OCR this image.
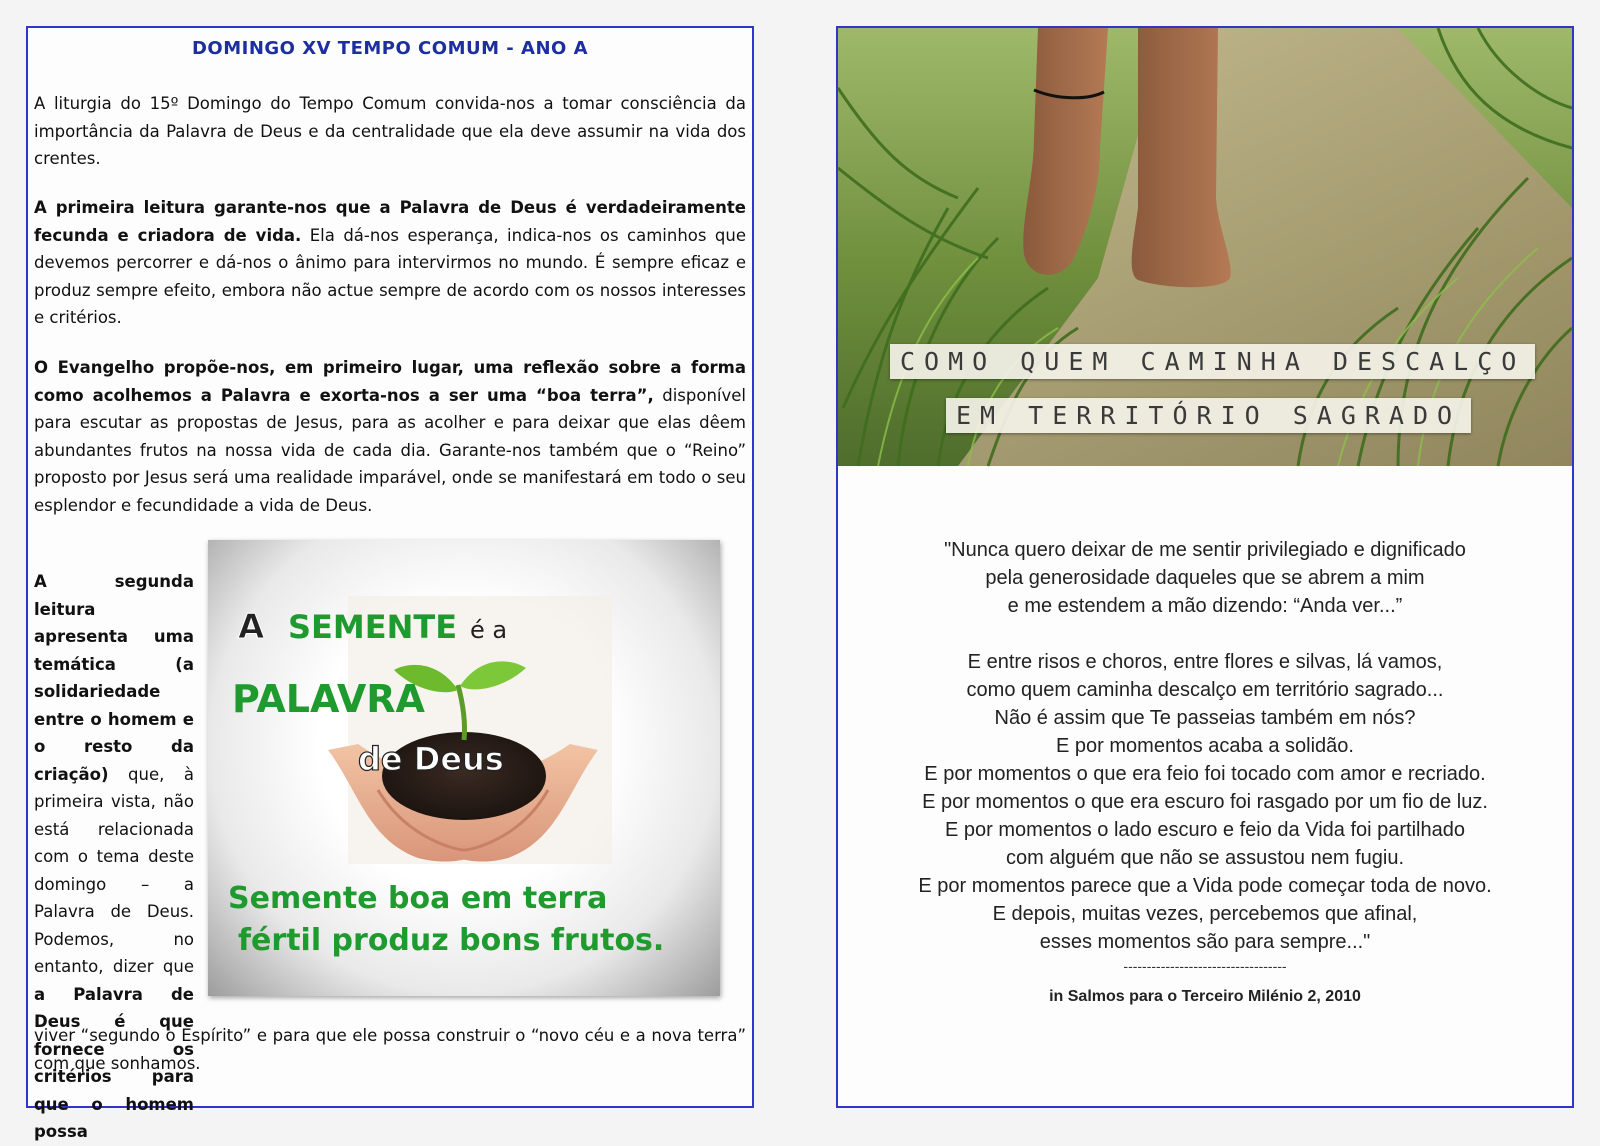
DOMINGO XV TEMPO COMUM - ANO A

A liturgia do 15º Domingo do Tempo Comum convida-nos a tomar consciência da importância da Palavra de Deus e da centralidade que ela deve assumir na vida dos crentes.

A primeira leitura garante-nos que a Palavra de Deus é verdadeiramente fecunda e criadora de vida. Ela dá-nos esperança, indica-nos os caminhos que devemos percorrer e dá-nos o ânimo para intervirmos no mundo. É sempre eficaz e produz sempre efeito, embora não actue sempre de acordo com os nossos interesses e critérios.

O Evangelho propõe-nos, em primeiro lugar, uma reflexão sobre a forma como acolhemos a Palavra e exorta-nos a ser uma “boa terra”, disponível para escutar as propostas de Jesus, para as acolher e para deixar que elas dêem abundantes frutos na nossa vida de cada dia. Garante-nos também que o “Reino” proposto por Jesus será uma realidade imparável, onde se manifestará em todo o seu esplendor e fecundidade a vida de Deus.

A segunda leitura apresenta uma temática (a solidariedade entre o homem e o resto da criação) que, à primeira vista, não está relacionada com o tema deste domingo – a Palavra de Deus. Podemos, no entanto, dizer que a Palavra de Deus é que fornece os critérios para que o homem possa

A SEMENTE é a
PALAVRA
de Deus
Semente boa em terra
fértil produz bons frutos.

viver “segundo o Espírito” e para que ele possa construir o “novo céu e a nova terra” com que sonhamos.

COMO QUEM CAMINHA DESCALÇO
EM TERRITÓRIO SAGRADO
"Nunca quero deixar de me sentir privilegiado e dignificado
pela generosidade daqueles que se abrem a mim
e me estendem a mão dizendo: “Anda ver...”
E entre risos e choros, entre flores e silvas, lá vamos,
como quem caminha descalço em território sagrado...
Não é assim que Te passeias também em nós?
E por momentos acaba a solidão.
E por momentos o que era feio foi tocado com amor e recriado.
E por momentos o que era escuro foi rasgado por um fio de luz.
E por momentos o lado escuro e feio da Vida foi partilhado
com alguém que não se assustou nem fugiu.
E por momentos parece que a Vida pode começar toda de novo.
E depois, muitas vezes, percebemos que afinal,
esses momentos são para sempre..."
-----------------------------------
in Salmos para o Terceiro Milénio 2, 2010
